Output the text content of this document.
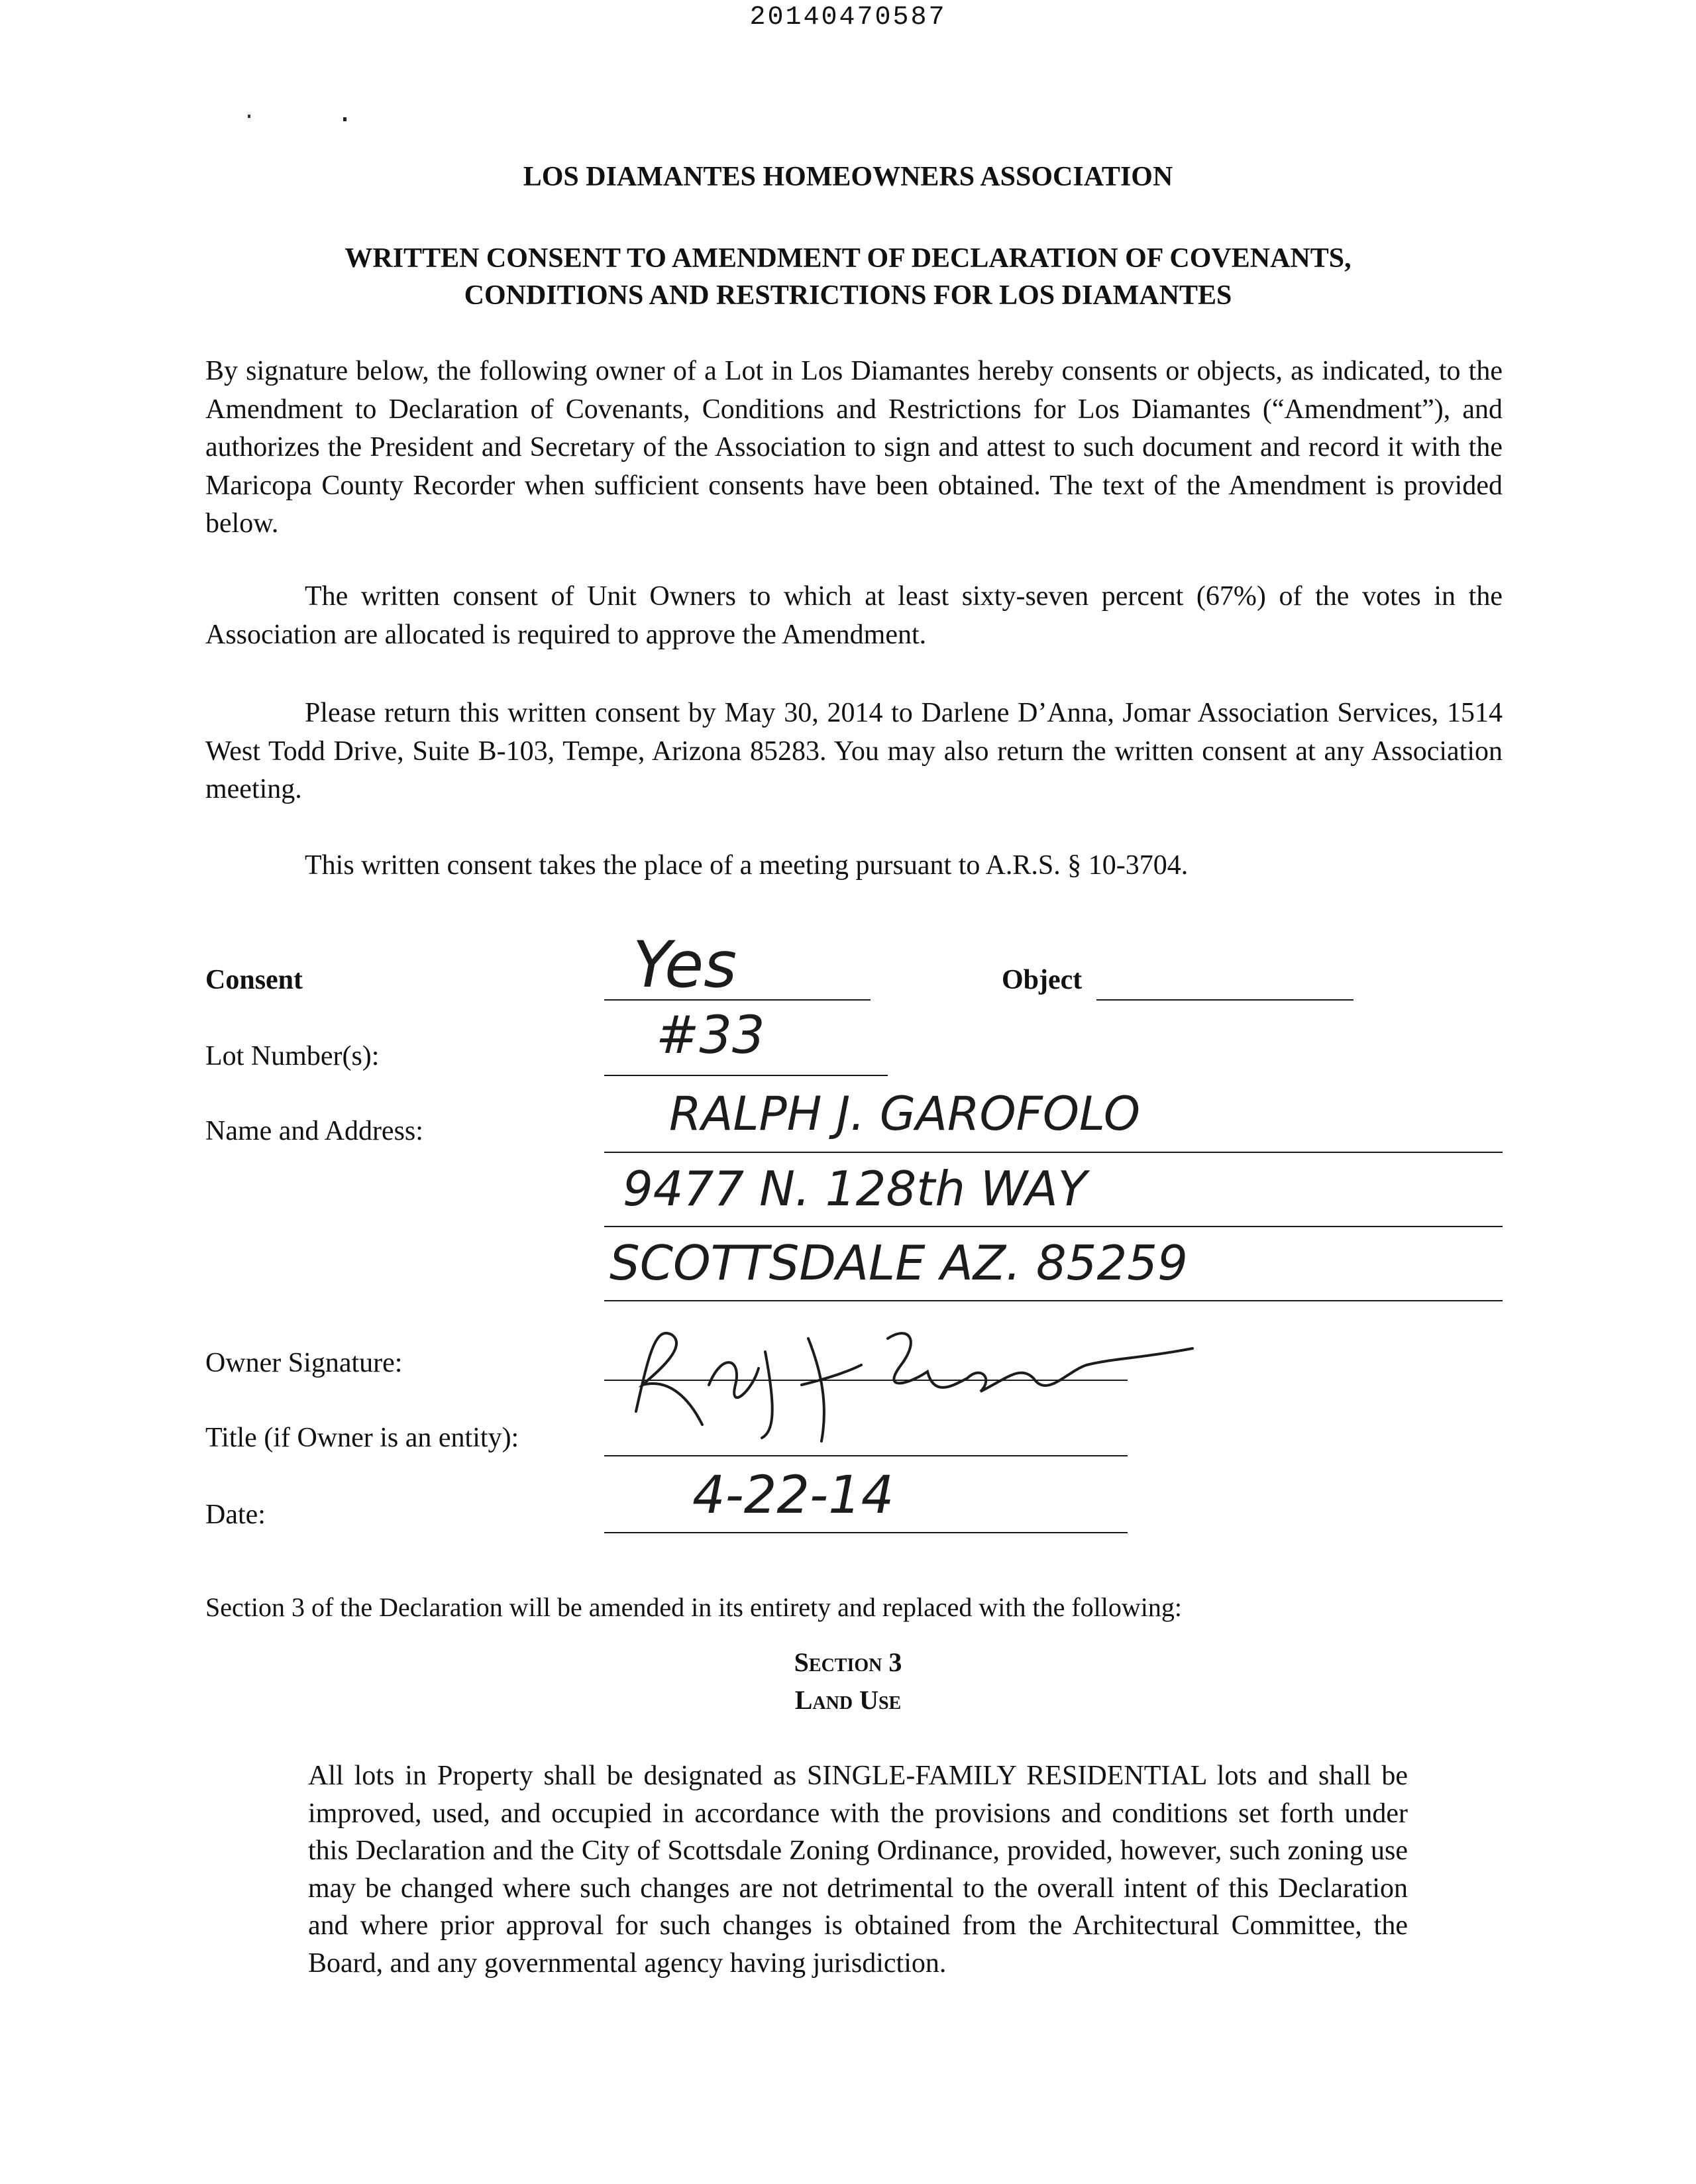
20140470587
LOS DIAMANTES HOMEOWNERS ASSOCIATION
WRITTEN CONSENT TO AMENDMENT OF DECLARATION OF COVENANTS,
CONDITIONS AND RESTRICTIONS FOR LOS DIAMANTES

By signature below, the following owner of a Lot in Los Diamantes hereby consents or objects, as indicated, to the Amendment to Declaration of Covenants, Conditions and Restrictions for Los Diamantes (“Amendment”), and authorizes the President and Secretary of the Association to sign and attest to such document and record it with the Maricopa County Recorder when sufficient consents have been obtained. The text of the Amendment is provided below.

The written consent of Unit Owners to which at least sixty-seven percent (67%) of the votes in the Association are allocated is required to approve the Amendment.

Please return this written consent by May 30, 2014 to Darlene D’Anna, Jomar Association Services, 1514 West Todd Drive, Suite B-103, Tempe, Arizona 85283. You may also return the written consent at any Association meeting.

This written consent takes the place of a meeting pursuant to A.R.S. § 10-3704.

Consent	Yes	Object
Lot Number(s):	#33
Name and Address:	RALPH J. GAROFOLO
9477 N. 128th WAY
SCOTTSDALE AZ. 85259
Owner Signature:
Title (if Owner is an entity):
Date:	4-22-14
Section 3 of the Declaration will be amended in its entirety and replaced with the following:
Section 3
Land Use

All lots in Property shall be designated as SINGLE-FAMILY RESIDENTIAL lots and shall be improved, used, and occupied in accordance with the provisions and conditions set forth under this Declaration and the City of Scottsdale Zoning Ordinance, provided, however, such zoning use may be changed where such changes are not detrimental to the overall intent of this Declaration and where prior approval for such changes is obtained from the Architectural Committee, the Board, and any governmental agency having jurisdiction.
